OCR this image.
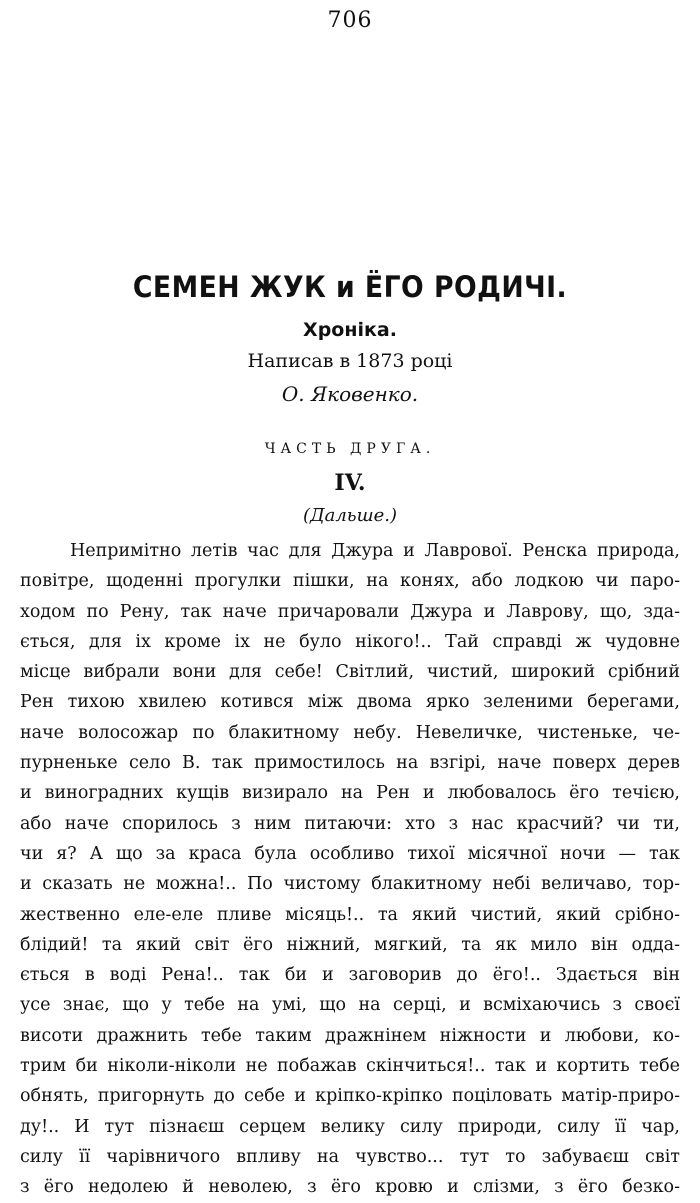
706
СЕМЕН ЖУК и ЁГО РОДИЧІ.
Хроніка.
Написав в 1873 році
О. Яковенко.
ЧАСТЬ ДРУГА.
IV.
(Дальше.)
Непримітно летів час для Джура и Лаврової. Ренска природа,
повітре, щоденні прогулки пішки, на конях, або лодкою чи паро-
ходом по Рену, так наче причаровали Джура и Лаврову, що, зда-
ється, для іх кроме іх не було нікого!.. Тай справді ж чудовне
місце вибрали вони для себе! Світлий, чистий, широкий срібний
Рен тихою хвилею котився між двома ярко зеленими берегами,
наче волосожар по блакитному небу. Невеличке, чистеньке, че-
пурненьке село В. так примостилось на взгірі, наче поверх дерев
и виноградних кущів визирало на Рен и любовалось ёго течією,
або наче спорилось з ним питаючи: хто з нас красчий? чи ти,
чи я? А що за краса була особливо тихої місячної ночи — так
и сказать не можна!.. По чистому блакитному небі величаво, тор-
жественно еле-еле пливе місяць!.. та який чистий, який срібно-
блідий! та який світ ёго ніжний, мягкий, та як мило він одда-
ється в воді Рена!.. так би и заговорив до ёго!.. Здається він
усе знає, що у тебе на умі, що на серці, и всміхаючись з своєї
висоти дражнить тебе таким дражнінем ніжности и любови, ко-
трим би ніколи-ніколи не побажав скінчиться!.. так и кортить тебе
обнять, пригорнуть до себе и кріпко-кріпко поціловать матір-приро-
ду!.. И тут пізнаєш серцем велику силу природи, силу її чар,
силу її чарівничого впливу на чувство... тут то забуваєш світ
з ёго недолею й неволею, з ёго кровю и слізми, з ёго безко-
